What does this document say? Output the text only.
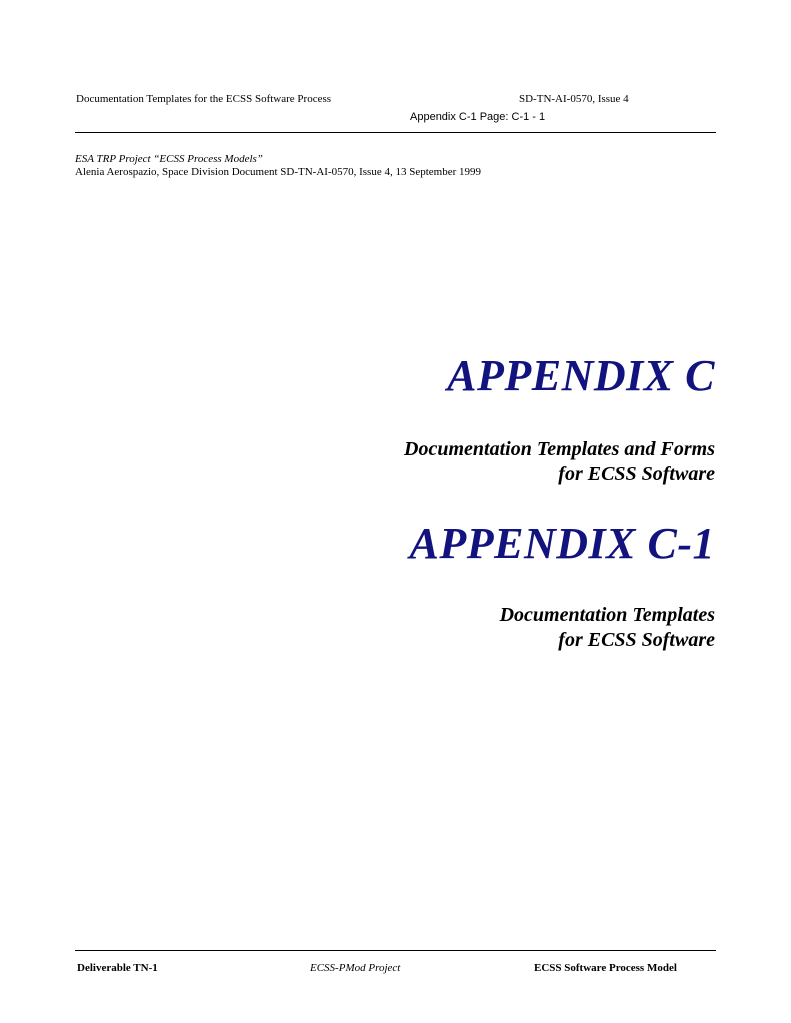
Documentation Templates for the ECSS Software Process	SD-TN-AI-0570, Issue 4
Appendix C-1 Page: C-1 - 1
ESA TRP Project “ECSS Process Models”
Alenia Aerospazio, Space Division Document SD-TN-AI-0570, Issue 4, 13 September 1999
APPENDIX C
Documentation Templates and Forms
for ECSS Software
APPENDIX C-1
Documentation Templates
for ECSS Software
Deliverable TN-1	ECSS-PMod Project	ECSS Software Process Model
